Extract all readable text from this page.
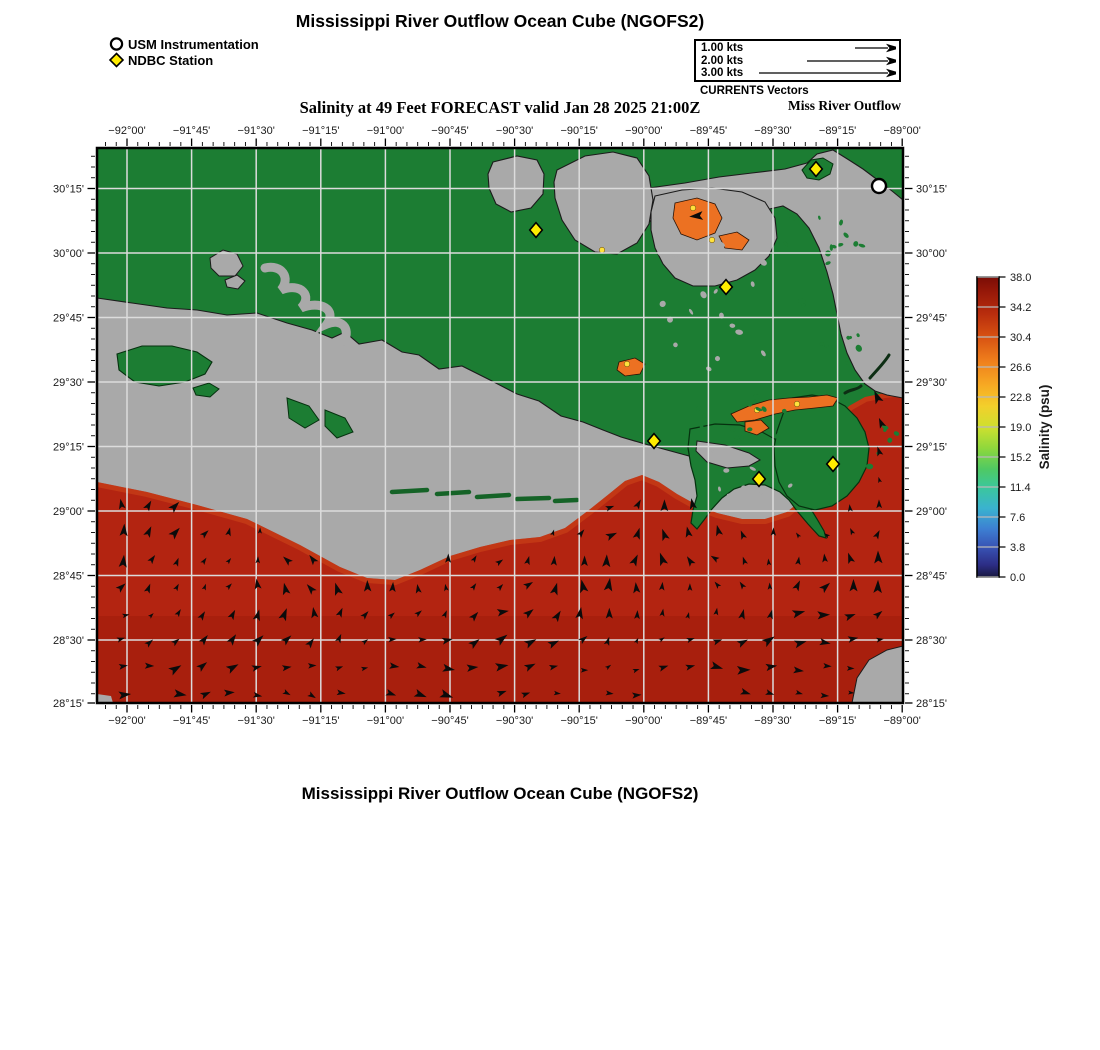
Mississippi River Outflow Ocean Cube (NGOFS2)
USM Instrumentation
NDBC Station
1.00 kts
2.00 kts
3.00 kts
CURRENTS Vectors
Miss River Outflow
Salinity at 49 Feet FORECAST valid Jan 28 2025 21:00Z
−92°00'
−92°00'
−91°45'
−91°45'
−91°30'
−91°30'
−91°15'
−91°15'
−91°00'
−91°00'
−90°45'
−90°45'
−90°30'
−90°30'
−90°15'
−90°15'
−90°00'
−90°00'
−89°45'
−89°45'
−89°30'
−89°30'
−89°15'
−89°15'
−89°00'
−89°00'
30°15'	30°15'
30°00'	30°00'
29°45'	29°45'
29°30'	29°30'
29°15'	29°15'
29°00'	29°00'
28°45'	28°45'
28°30'	28°30'
28°15'	28°15'
38.0
34.2
30.4
26.6
22.8
19.0
15.2
11.4
7.6
3.8
0.0
Salinity (psu)
Mississippi River Outflow Ocean Cube (NGOFS2)
